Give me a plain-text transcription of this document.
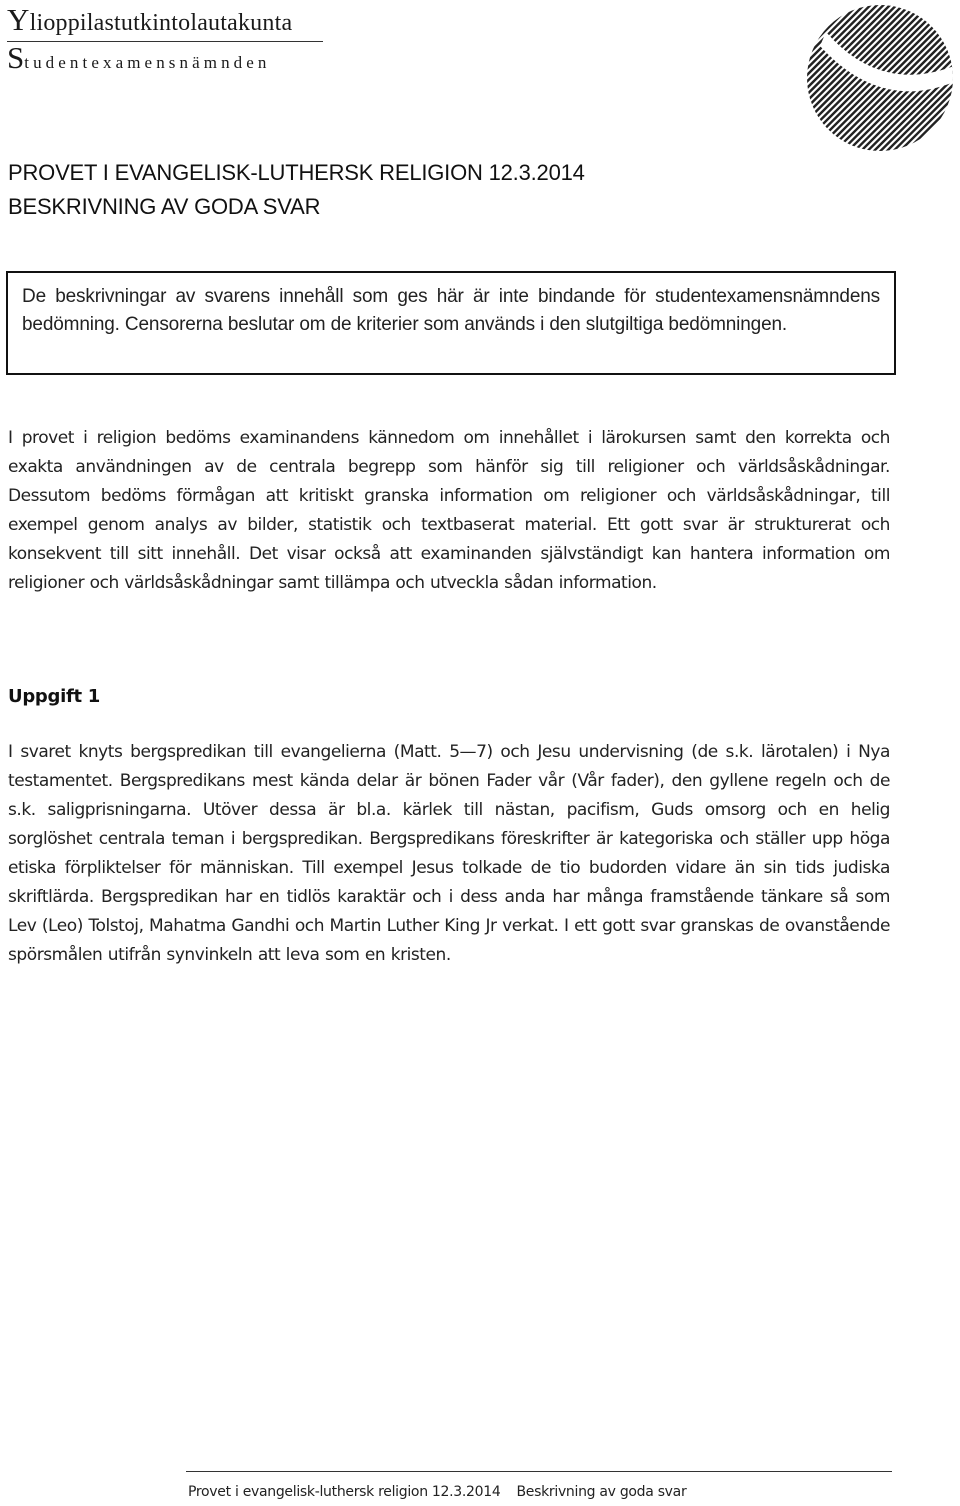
Ylioppilastutkintolautakunta
Studentexamensnämnden
PROVET I EVANGELISK-LUTHERSK RELIGION 12.3.2014
BESKRIVNING AV GODA SVAR
De beskrivningar av svarens innehåll som ges här är inte bindande för studentexamensnämndens bedömning. Censorerna beslutar om de kriterier som används i den slutgiltiga bedömningen.
I provet i religion bedöms examinandens kännedom om innehållet i lärokursen samt den korrekta och exakta användningen av de centrala begrepp som hänför sig till religioner och världsåskådningar. Dessutom bedöms förmågan att kritiskt granska information om religioner och världsåskådningar, till exempel genom analys av bilder, statistik och textbaserat material. Ett gott svar är strukturerat och konsekvent till sitt innehåll. Det visar också att examinanden självständigt kan hantera information om religioner och världsåskådningar samt tillämpa och utveckla sådan information.
Uppgift 1
I svaret knyts bergspredikan till evangelierna (Matt. 5—7) och Jesu undervisning (de s.k. lärotalen) i Nya testamentet. Bergspredikans mest kända delar är bönen Fader vår (Vår fader), den gyllene regeln och de s.k. saligprisningarna. Utöver dessa är bl.a. kärlek till nästan, pacifism, Guds omsorg och en helig sorglöshet centrala teman i bergspredikan. Bergspredikans föreskrifter är kategoriska och ställer upp höga etiska förpliktelser för människan. Till exempel Jesus tolkade de tio budorden vidare än sin tids judiska skriftlärda. Bergspredikan har en tidlös karaktär och i dess anda har många framstående tänkare så som Lev (Leo) Tolstoj, Mahatma Gandhi och Martin Luther King Jr verkat. I ett gott svar granskas de ovanstående spörsmålen utifrån synvinkeln att leva som en kristen.
Provet i evangelisk-luthersk religion 12.3.2014 Beskrivning av goda svar
